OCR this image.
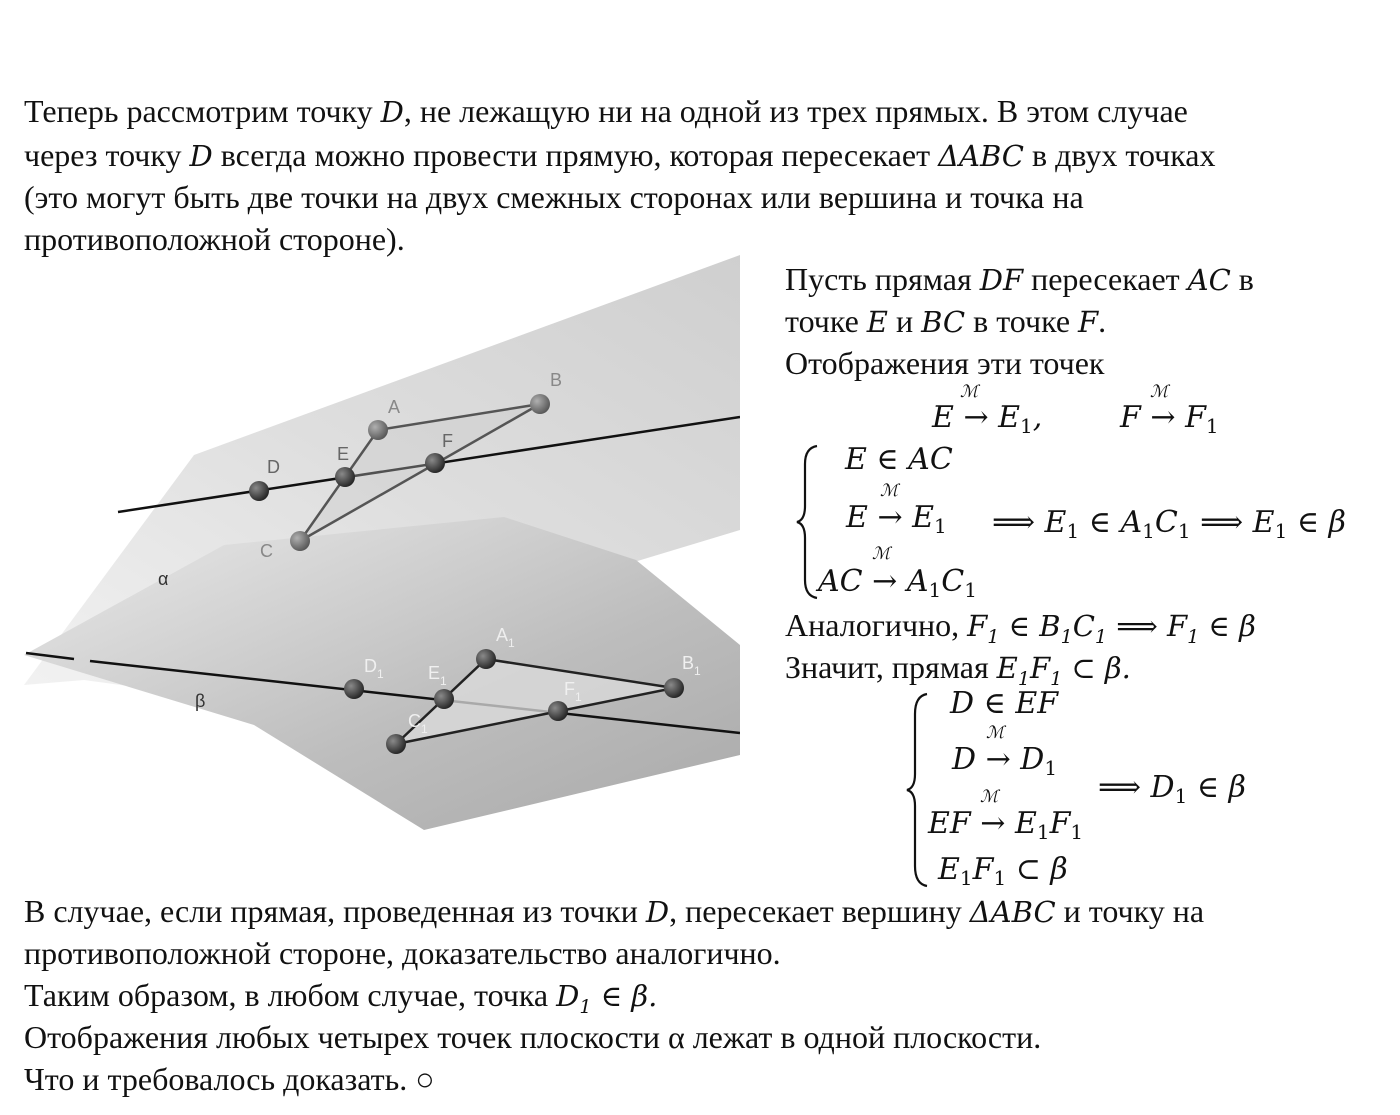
Теперь рассмотрим точку D, не лежащую ни на одной из трех прямых. В этом случае
через точку D всегда можно провести прямую, которая пересекает ΔABC в двух точках
(это могут быть две точки на двух смежных сторонах или вершина и точка на
противоположной стороне).
A
B
C
D
E
F
α
β
$A_1$
$B_1$
$C_1$
$D_1$ $E_1$	$F_1$
Пусть прямая DF пересекает AC в
точке E и BC в точке F.
Отображения эти точек
ℳ
$E \to E_1$,
ℳ
$F \to F_1$
E ∈ AC
ℳ
$E \to E_1$
ℳ
AC → $A_1C_1$
⟹ $E_1$ ∈ $A_1C_1$ ⟹ $E_1$ ∈ β
Аналогично, $F_1$ ∈ $B_1C_1$ ⟹ $F_1$ ∈ β
Значит, прямая $E_1F_1$ ⊂ β.
D ∈ EF
ℳ
$D \to D_1$
ℳ
EF → $E_1F_1$
$E_1F_1$ ⊂ β
⟹ $D_1$ ∈ β
В случае, если прямая, проведенная из точки D, пересекает вершину ΔABC и точку на
противоположной стороне, доказательство аналогично.
Таким образом, в любом случае, точка $D_1$ ∈ β.
Отображения любых четырех точек плоскости α лежат в одной плоскости.
Что и требовалось доказать. ○
